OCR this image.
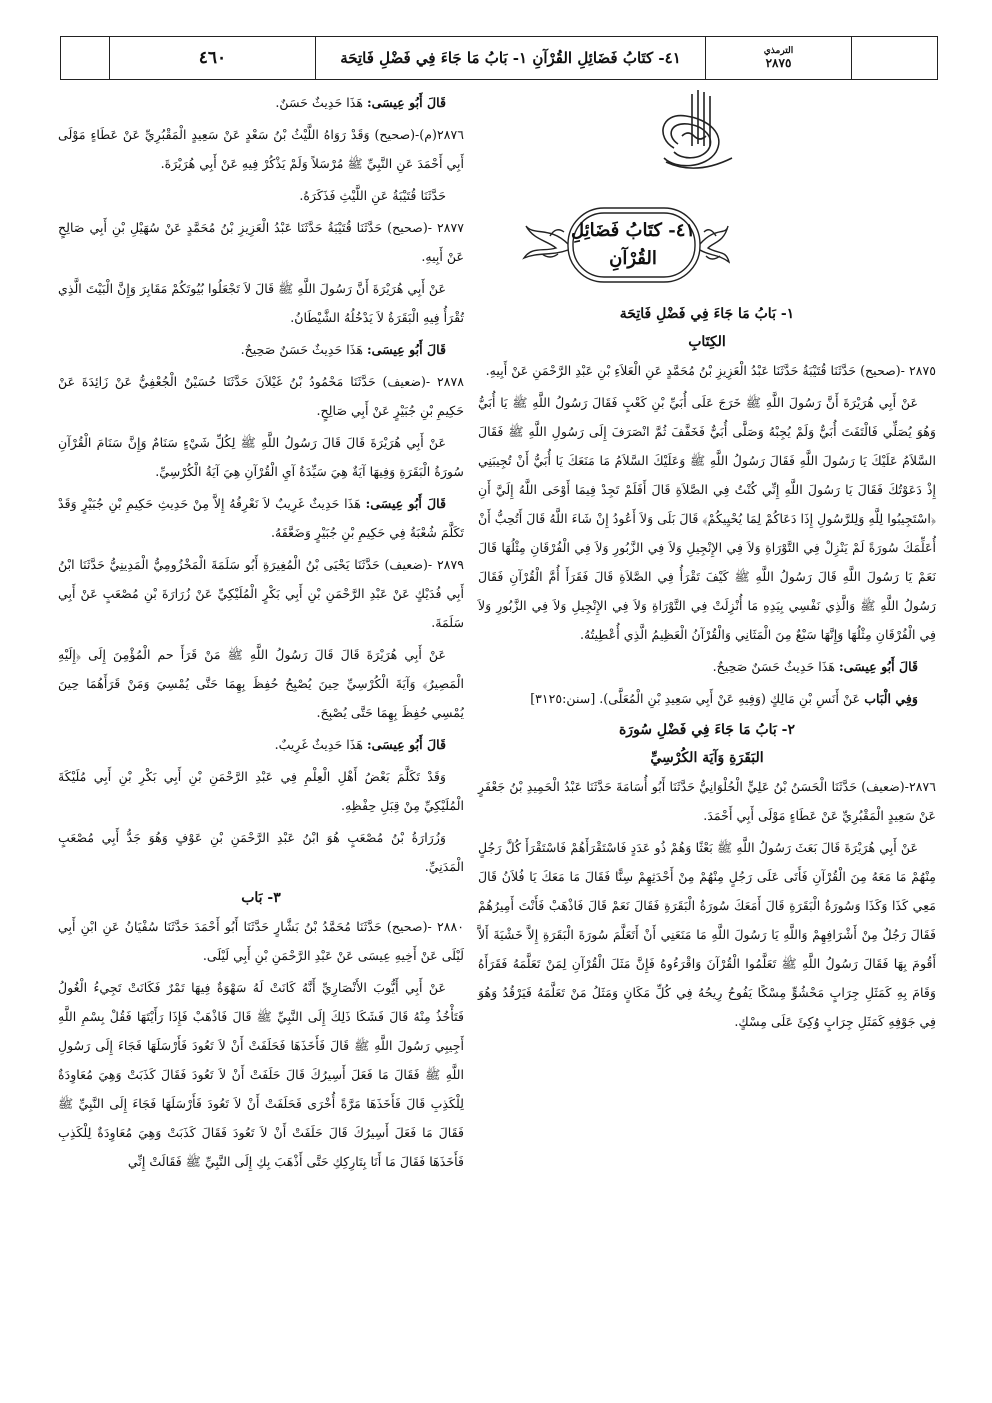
٤٦٠	٤١- كتَابُ فَضَائِلِ القُرْآنِ ١- بَابُ مَا جَاءَ فِي فَضْلِ فَاتِحَة	الترمذي
٢٨٧٥
٤١- كتَابُ فَضَائِلِ
القُرْآنِ
١- بَابُ مَا جَاءَ فِي فَضْلِ فَاتِحَة
الكِتَابِ

٢٨٧٥ -(صحيح) حَدَّثَنَا قُتَيْبَةُ حَدَّثَنَا عَبْدُ الْعَزِيزِ بْنُ مُحَمَّدٍ عَنِ الْعَلاَءِ بْنِ عَبْدِ الرَّحْمَنِ عَنْ أَبِيهِ.

عَنْ أَبِي هُرَيْرَةَ أَنَّ رَسُولَ اللَّهِ ﷺ خَرَجَ عَلَى أُبَيِّ بْنِ كَعْبٍ فَقَالَ رَسُولُ اللَّهِ ﷺ يَا أُبَيُّ وَهُوَ يُصَلِّي فَالْتَفَتَ أُبَيٌّ وَلَمْ يُجِبْهُ وَصَلَّى أُبَيٌّ فَخَفَّفَ ثُمَّ انْصَرَفَ إِلَى رَسُولِ اللَّهِ ﷺ فَقَالَ السَّلاَمُ عَلَيْكَ يَا رَسُولَ اللَّهِ فَقَالَ رَسُولُ اللَّهِ ﷺ وَعَلَيْكَ السَّلاَمُ مَا مَنَعَكَ يَا أُبَيُّ أَنْ تُجِيبَنِي إِذْ دَعَوْتُكَ فَقَالَ يَا رَسُولَ اللَّهِ إِنِّي كُنْتُ فِي الصَّلاَةِ قَالَ أَفَلَمْ تَجِدْ فِيمَا أَوْحَى اللَّهُ إِلَيَّ أَنِ ﴿اسْتَجِيبُوا لِلَّهِ وَلِلرَّسُولِ إِذَا دَعَاكُمْ لِمَا يُحْيِيكُمْ﴾ قَالَ بَلَى وَلاَ أَعُودُ إِنْ شَاءَ اللَّهُ قَالَ أَتُحِبُّ أَنْ أُعَلِّمَكَ سُورَةً لَمْ يَنْزِلْ فِي التَّوْرَاةِ وَلاَ فِي الإِنْجِيلِ وَلاَ فِي الزَّبُورِ وَلاَ فِي الْفُرْقَانِ مِثْلُهَا قَالَ نَعَمْ يَا رَسُولَ اللَّهِ قَالَ رَسُولُ اللَّهِ ﷺ كَيْفَ تَقْرَأُ فِي الصَّلاَةِ قَالَ فَقَرَأَ أُمَّ الْقُرْآنِ فَقَالَ رَسُولُ اللَّهِ ﷺ وَالَّذِي نَفْسِي بِيَدِهِ مَا أُنْزِلَتْ فِي التَّوْرَاةِ وَلاَ فِي الإِنْجِيلِ وَلاَ فِي الزَّبُورِ وَلاَ فِي الْفُرْقَانِ مِثْلُهَا وَإِنَّهَا سَبْعٌ مِنَ الْمَثَانِي وَالْقُرْآنُ الْعَظِيمُ الَّذِي أُعْطِيتُهُ.

قَالَ أَبُو عِيسَى: هَذَا حَدِيثٌ حَسَنٌ صَحِيحٌ.

وَفِي الْبَاب عَنْ أَنَسِ بْنِ مَالِكٍ (وَفِيهِ عَنْ أَبِي سَعِيدِ بْنِ الْمُعَلَّى). [سنن:٣١٢٥]

٢- بَابُ مَا جَاءَ فِي فَضْلِ سُورَة
البَقَرَةِ وَآيَة الكُرْسِيِّ

٢٨٧٦-(ضعيف) حَدَّثَنَا الْحَسَنُ بْنُ عَلِيٍّ الْحُلْوَانِيُّ حَدَّثَنَا أَبُو أُسَامَةَ حَدَّثَنَا عَبْدُ الْحَمِيدِ بْنُ جَعْفَرٍ عَنْ سَعِيدٍ الْمَقْبُرِيِّ عَنْ عَطَاءٍ مَوْلَى أَبِي أَحْمَدَ.

عَنْ أَبِي هُرَيْرَةَ قَالَ بَعَثَ رَسُولُ اللَّهِ ﷺ بَعْثًا وَهُمْ ذُو عَدَدٍ فَاسْتَقْرَأَهُمْ فَاسْتَقْرَأَ كُلَّ رَجُلٍ مِنْهُمْ مَا مَعَهُ مِنَ الْقُرْآنِ فَأَتَى عَلَى رَجُلٍ مِنْهُمْ مِنْ أَحْدَثِهِمْ سِنًّا فَقَالَ مَا مَعَكَ يَا فُلاَنُ قَالَ مَعِي كَذَا وَكَذَا وَسُورَةُ الْبَقَرَةِ قَالَ أَمَعَكَ سُورَةُ الْبَقَرَةِ فَقَالَ نَعَمْ قَالَ فَاذْهَبْ فَأَنْتَ أَمِيرُهُمْ فَقَالَ رَجُلٌ مِنْ أَشْرَافِهِمْ وَاللَّهِ يَا رَسُولَ اللَّهِ مَا مَنَعَنِي أَنْ أَتَعَلَّمَ سُورَةَ الْبَقَرَةِ إِلاَّ خَشْيَةَ أَلاَّ أَقُومَ بِهَا فَقَالَ رَسُولُ اللَّهِ ﷺ تَعَلَّمُوا الْقُرْآنَ وَاقْرَءُوهُ فَإِنَّ مَثَلَ الْقُرْآنِ لِمَنْ تَعَلَّمَهُ فَقَرَأَهُ وَقَامَ بِهِ كَمَثَلِ جِرَابٍ مَحْشُوٍّ مِسْكًا يَفُوحُ رِيحُهُ فِي كُلِّ مَكَانٍ وَمَثَلُ مَنْ تَعَلَّمَهُ فَيَرْقُدُ وَهُوَ فِي جَوْفِهِ كَمَثَلِ جِرَابٍ وُكِئَ عَلَى مِسْكٍ.

قَالَ أَبُو عِيسَى: هَذَا حَدِيثٌ حَسَنٌ.

٢٨٧٦(م)-(صحيح) وَقَدْ رَوَاهُ اللَّيْثُ بْنُ سَعْدٍ عَنْ سَعِيدٍ الْمَقْبُرِيِّ عَنْ عَطَاءٍ مَوْلَى أَبِي أَحْمَدَ عَنِ النَّبِيِّ ﷺ مُرْسَلاً وَلَمْ يَذْكُرْ فِيهِ عَنْ أَبِي هُرَيْرَةَ.

حَدَّثَنَا قُتَيْبَةُ عَنِ اللَّيْثِ فَذَكَرَهُ.

٢٨٧٧ -(صحيح) حَدَّثَنَا قُتَيْبَةُ حَدَّثَنَا عَبْدُ الْعَزِيزِ بْنُ مُحَمَّدٍ عَنْ سُهَيْلِ بْنِ أَبِي صَالِحٍ عَنْ أَبِيهِ.

عَنْ أَبِي هُرَيْرَةَ أَنَّ رَسُولَ اللَّهِ ﷺ قَالَ لاَ تَجْعَلُوا بُيُوتَكُمْ مَقَابِرَ وَإِنَّ الْبَيْتَ الَّذِي تُقْرَأُ فِيهِ الْبَقَرَةُ لاَ يَدْخُلُهُ الشَّيْطَانُ.

قَالَ أَبُو عِيسَى: هَذَا حَدِيثٌ حَسَنٌ صَحِيحٌ.

٢٨٧٨ -(ضعيف) حَدَّثَنَا مَحْمُودُ بْنُ غَيْلاَنَ حَدَّثَنَا حُسَيْنٌ الْجُعْفِيُّ عَنْ زَائِدَةَ عَنْ حَكِيمِ بْنِ جُبَيْرٍ عَنْ أَبِي صَالِحٍ.

عَنْ أَبِي هُرَيْرَةَ قَالَ قَالَ رَسُولُ اللَّهِ ﷺ لِكُلِّ شَيْءٍ سَنَامٌ وَإِنَّ سَنَامَ الْقُرْآنِ سُورَةُ الْبَقَرَةِ وَفِيهَا آيَةٌ هِيَ سَيِّدَةُ آيِ الْقُرْآنِ هِيَ آيَةُ الْكُرْسِيِّ.

قَالَ أَبُو عِيسَى: هَذَا حَدِيثٌ غَرِيبٌ لاَ نَعْرِفُهُ إِلاَّ مِنْ حَدِيثِ حَكِيمِ بْنِ جُبَيْرٍ وَقَدْ تَكَلَّمَ شُعْبَةُ فِي حَكِيمِ بْنِ جُبَيْرٍ وَضَعَّفَهُ.

٢٨٧٩ -(ضعيف) حَدَّثَنَا يَحْيَى بْنُ الْمُغِيرَةِ أَبُو سَلَمَةَ الْمَخْزُومِيُّ الْمَدِينِيُّ حَدَّثَنَا ابْنُ أَبِي فُدَيْكٍ عَنْ عَبْدِ الرَّحْمَنِ بْنِ أَبِي بَكْرٍ الْمُلَيْكِيِّ عَنْ زُرَارَةَ بْنِ مُصْعَبٍ عَنْ أَبِي سَلَمَةَ.

عَنْ أَبِي هُرَيْرَةَ قَالَ قَالَ رَسُولُ اللَّهِ ﷺ مَنْ قَرَأَ حم الْمُؤْمِنَ إِلَى ﴿إِلَيْهِ الْمَصِيرُ﴾ وَآيَةَ الْكُرْسِيِّ حِينَ يُصْبِحُ حُفِظَ بِهِمَا حَتَّى يُمْسِيَ وَمَنْ قَرَأَهُمَا حِينَ يُمْسِي حُفِظَ بِهِمَا حَتَّى يُصْبِحَ.

قَالَ أَبُو عِيسَى: هَذَا حَدِيثٌ غَرِيبٌ.

وَقَدْ تَكَلَّمَ بَعْضُ أَهْلِ الْعِلْمِ فِي عَبْدِ الرَّحْمَنِ بْنِ أَبِي بَكْرِ بْنِ أَبِي مُلَيْكَةَ الْمُلَيْكِيِّ مِنْ قِبَلِ حِفْظِهِ.

وَزُرَارَةُ بْنُ مُصْعَبٍ هُوَ ابْنُ عَبْدِ الرَّحْمَنِ بْنِ عَوْفٍ وَهُوَ جَدُّ أَبِي مُصْعَبٍ الْمَدَنِيِّ.

٣- بَاب

٢٨٨٠ -(صحيح) حَدَّثَنَا مُحَمَّدُ بْنُ بَشَّارٍ حَدَّثَنَا أَبُو أَحْمَدَ حَدَّثَنَا سُفْيَانُ عَنِ ابْنِ أَبِي لَيْلَى عَنْ أَخِيهِ عِيسَى عَنْ عَبْدِ الرَّحْمَنِ بْنِ أَبِي لَيْلَى.

عَنْ أَبِي أَيُّوبَ الأَنْصَارِيِّ أَنَّهُ كَانَتْ لَهُ سَهْوَةٌ فِيهَا تَمْرٌ فَكَانَتْ تَجِيءُ الْغُولُ فَتَأْخُذُ مِنْهُ قَالَ فَشَكَا ذَلِكَ إِلَى النَّبِيِّ ﷺ قَالَ فَاذْهَبْ فَإِذَا رَأَيْتَهَا فَقُلْ بِسْمِ اللَّهِ أَجِيبِي رَسُولَ اللَّهِ ﷺ قَالَ فَأَخَذَهَا فَحَلَفَتْ أَنْ لاَ تَعُودَ فَأَرْسَلَهَا فَجَاءَ إِلَى رَسُولِ اللَّهِ ﷺ فَقَالَ مَا فَعَلَ أَسِيرُكَ قَالَ حَلَفَتْ أَنْ لاَ تَعُودَ فَقَالَ كَذَبَتْ وَهِيَ مُعَاوِدَةٌ لِلْكَذِبِ قَالَ فَأَخَذَهَا مَرَّةً أُخْرَى فَحَلَفَتْ أَنْ لاَ تَعُودَ فَأَرْسَلَهَا فَجَاءَ إِلَى النَّبِيِّ ﷺ فَقَالَ مَا فَعَلَ أَسِيرُكَ قَالَ حَلَفَتْ أَنْ لاَ تَعُودَ فَقَالَ كَذَبَتْ وَهِيَ مُعَاوِدَةٌ لِلْكَذِبِ فَأَخَذَهَا فَقَالَ مَا أَنَا بِتَارِكِكِ حَتَّى أَذْهَبَ بِكِ إِلَى النَّبِيِّ ﷺ فَقَالَتْ إِنِّي
